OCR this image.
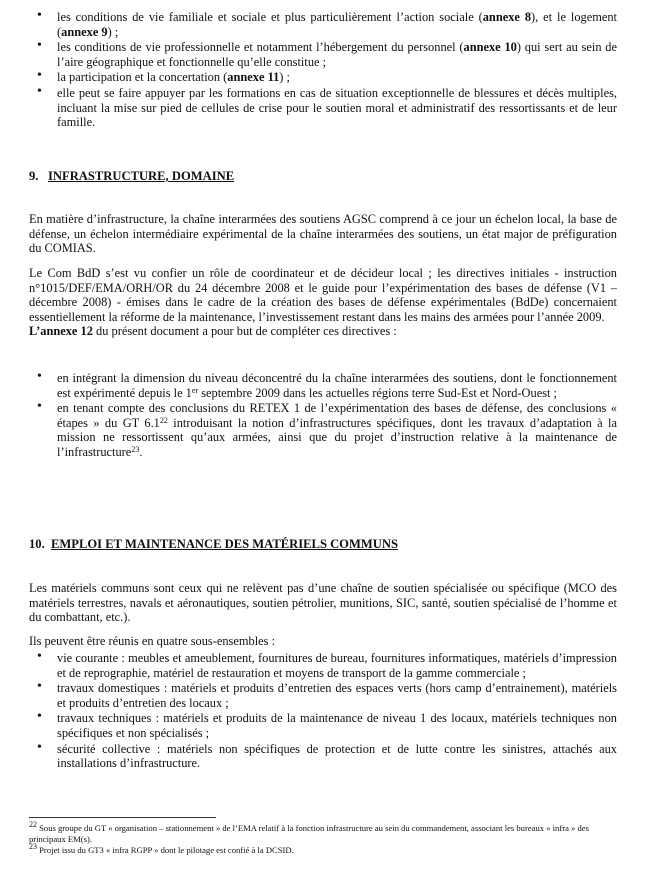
• les conditions de vie familiale et sociale et plus particulièrement l’action sociale (annexe 8), et le logement (annexe 9) ;
• les conditions de vie professionnelle et notamment l’hébergement du personnel (annexe 10) qui sert au sein de l’aire géographique et fonctionnelle qu’elle constitue ;
• la participation et la concertation (annexe 11) ;
• elle peut se faire appuyer par les formations en cas de situation exceptionnelle de blessures et décès multiples, incluant la mise sur pied de cellules de crise pour le soutien moral et administratif des ressortissants et de leur famille.
9. INFRASTRUCTURE, DOMAINE
En matière d’infrastructure, la chaîne interarmées des soutiens AGSC comprend à ce jour un échelon local, la base de défense, un échelon intermédiaire expérimental de la chaîne interarmées des soutiens, un état major de préfiguration du COMIAS.
Le Com BdD s’est vu confier un rôle de coordinateur et de décideur local ; les directives initiales - instruction n°1015/DEF/EMA/ORH/OR du 24 décembre 2008 et le guide pour l’expérimentation des bases de défense (V1 – décembre 2008) - émises dans le cadre de la création des bases de défense expérimentales (BdDe) concernaient essentiellement la réforme de la maintenance, l’investissement restant dans les mains des armées pour l’année 2009.
L’annexe 12 du présent document a pour but de compléter ces directives :
• en intégrant la dimension du niveau déconcentré du la chaîne interarmées des soutiens, dont le fonctionnement est expérimenté depuis le 1er septembre 2009 dans les actuelles régions terre Sud-Est et Nord-Ouest ;
• en tenant compte des conclusions du RETEX 1 de l’expérimentation des bases de défense, des conclusions « étapes » du GT $6.1^{22}$ introduisant la notion d’infrastructures spécifiques, dont les travaux d’adaptation à la mission ne ressortissent qu’aux armées, ainsi que du projet d’instruction relative à la maintenance de l’infrastructure$^{23}$.
10. EMPLOI ET MAINTENANCE DES MATÉRIELS COMMUNS
Les matériels communs sont ceux qui ne relèvent pas d’une chaîne de soutien spécialisée ou spécifique (MCO des matériels terrestres, navals et aéronautiques, soutien pétrolier, munitions, SIC, santé, soutien spécialisé de l’homme et du combattant, etc.).
Ils peuvent être réunis en quatre sous-ensembles :
• vie courante : meubles et ameublement, fournitures de bureau, fournitures informatiques, matériels d’impression et de reprographie, matériel de restauration et moyens de transport de la gamme commerciale ;
• travaux domestiques : matériels et produits d’entretien des espaces verts (hors camp d’entrainement), matériels et produits d’entretien des locaux ;
• travaux techniques : matériels et produits de la maintenance de niveau 1 des locaux, matériels techniques non spécifiques et non spécialisés ;
• sécurité collective : matériels non spécifiques de protection et de lutte contre les sinistres, attachés aux installations d’infrastructure.
$^{22}$ Sous groupe du GT « organisation – stationnement » de l’EMA relatif à la fonction infrastructure au sein du commandement, associant les bureaux « infra » des principaux EM(s).
$^{23}$ Projet issu du GT3 « infra RGPP » dont le pilotage est confié à la DCSID.
